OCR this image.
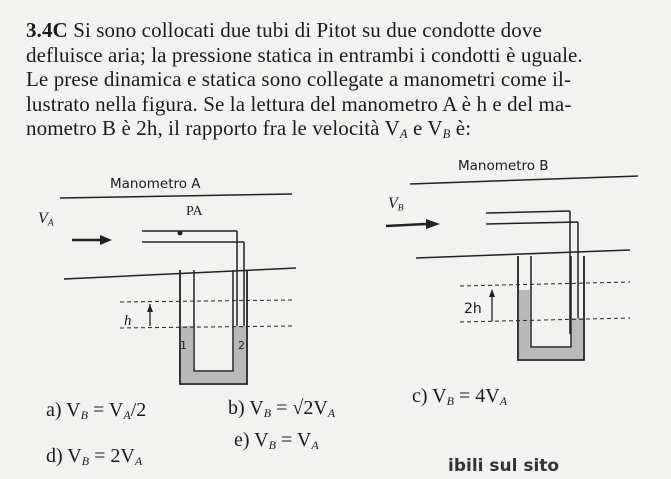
3.4C Si sono collocati due tubi di Pitot su due condotte dove
defluisce aria; la pressione statica in entrambi i condotti è uguale.
Le prese dinamica e statica sono collegate a manometri come il-
lustrato nella figura. Se la lettura del manometro A è h e del ma-
nometro B è 2h, il rapporto fra le velocità $V_A$ e $V_B$ è:
Manometro A
$V_A$
PA
h
1	2
Manometro B
$V_B$
2h
a) $V_B = V_A/2$	b) $V_B = √2V_A$
c) $V_B = 4V_A$
d) $V_B = 2V_A$
e) $V_B = V_A$
ibili sul sito
